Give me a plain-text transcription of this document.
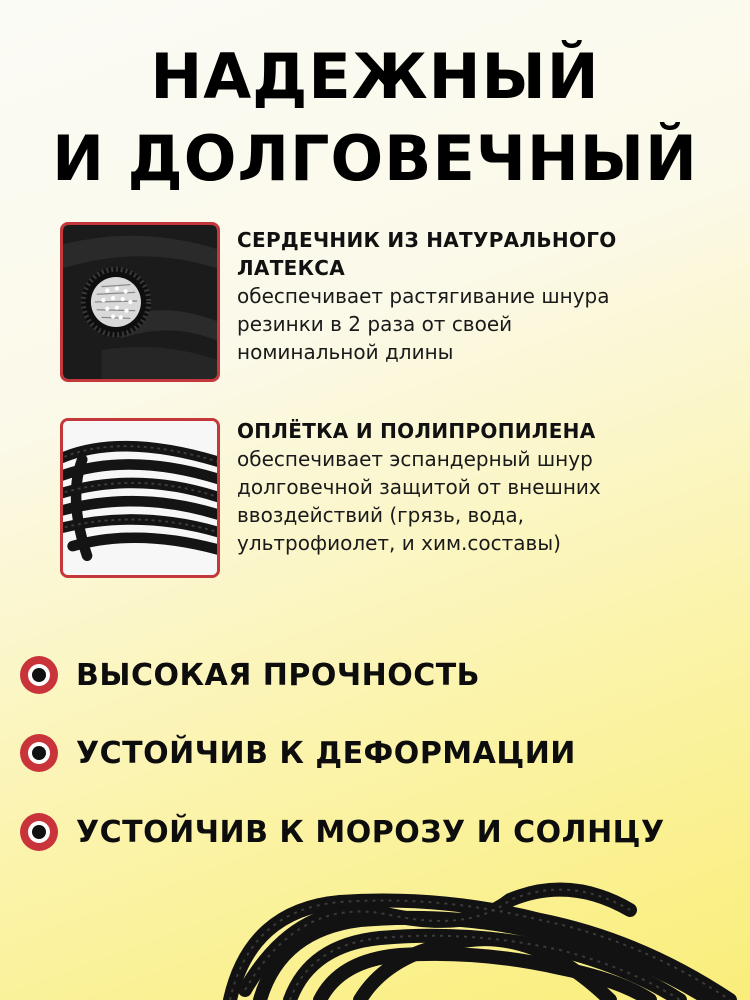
НАДЕЖНЫЙ
И ДОЛГОВЕЧНЫЙ
СЕРДЕЧНИК ИЗ НАТУРАЛЬНОГО
ЛАТЕКСА
обеспечивает растягивание шнура
резинки в 2 раза от своей
номинальной длины
ОПЛЁТКА И ПОЛИПРОПИЛЕНА
обеспечивает эспандерный шнур
долговечной защитой от внешних
ввоздействий (грязь, вода,
ультрофиолет, и хим.составы)
ВЫСОКАЯ ПРОЧНОСТЬ
УСТОЙЧИВ К ДЕФОРМАЦИИ
УСТОЙЧИВ К МОРОЗУ И СОЛНЦУ
